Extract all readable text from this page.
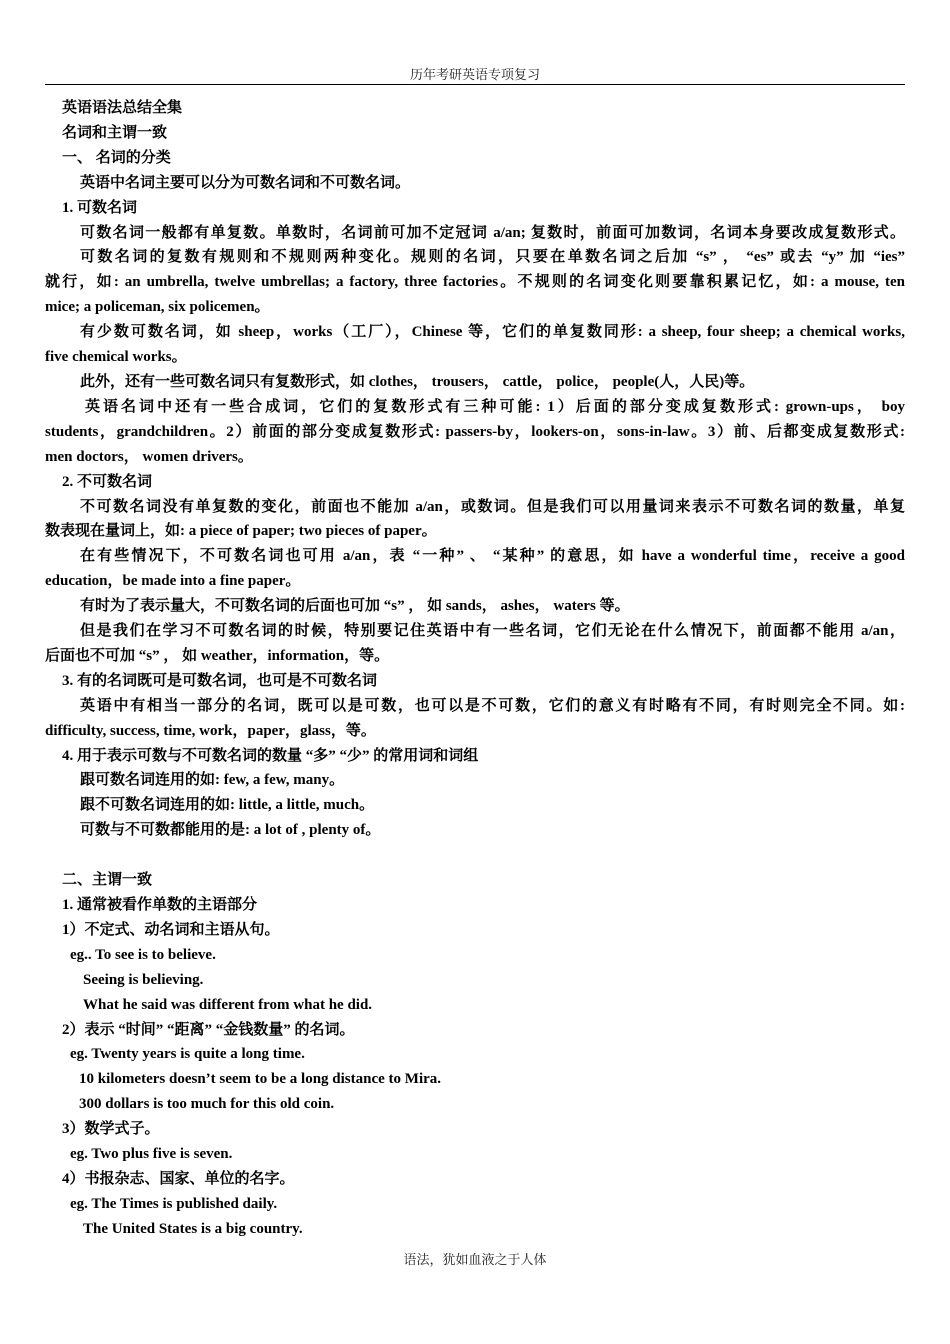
历年考研英语专项复习
英语语法总结全集
名词和主谓一致
一、 名词的分类
英语中名词主要可以分为可数名词和不可数名词。
1. 可数名词
可数名词一般都有单复数。单数时，名词前可加不定冠词 a/an; 复数时，前面可加数词，名词本身要改成复数形式。
可数名词的复数有规则和不规则两种变化。规则的名词，只要在单数名词之后加 “s” ， “es” 或去 “y” 加 “ies”
就行，如: an umbrella, twelve umbrellas; a factory, three factories。不规则的名词变化则要靠积累记忆，如: a mouse, ten
mice; a policeman, six policemen。
有少数可数名词，如 sheep，works（工厂），Chinese 等，它们的单复数同形: a sheep, four sheep; a chemical works,
five chemical works。
此外，还有一些可数名词只有复数形式，如 clothes， trousers， cattle， police， people(人，人民)等。
英语名词中还有一些合成词，它们的复数形式有三种可能: 1）后面的部分变成复数形式: grown-ups， boy
students，grandchildren。2）前面的部分变成复数形式: passers-by，lookers-on，sons-in-law。3）前、后都变成复数形式:
men doctors， women drivers。
2. 不可数名词
不可数名词没有单复数的变化，前面也不能加 a/an，或数词。但是我们可以用量词来表示不可数名词的数量，单复
数表现在量词上，如: a piece of paper; two pieces of paper。
在有些情况下，不可数名词也可用 a/an，表 “一种” 、 “某种” 的意思，如 have a wonderful time，receive a good
education，be made into a fine paper。
有时为了表示量大，不可数名词的后面也可加 “s” ， 如 sands， ashes， waters 等。
但是我们在学习不可数名词的时候，特别要记住英语中有一些名词，它们无论在什么情况下，前面都不能用 a/an，
后面也不可加 “s” ， 如 weather，information，等。
3. 有的名词既可是可数名词，也可是不可数名词
英语中有相当一部分的名词，既可以是可数，也可以是不可数，它们的意义有时略有不同，有时则完全不同。如:
difficulty, success, time, work，paper，glass，等。
4. 用于表示可数与不可数名词的数量 “多” “少” 的常用词和词组
跟可数名词连用的如: few, a few, many。
跟不可数名词连用的如: little, a little, much。
可数与不可数都能用的是: a lot of , plenty of。
二、主谓一致
1. 通常被看作单数的主语部分
1）不定式、动名词和主语从句。
eg.. To see is to believe.
Seeing is believing.
What he said was different from what he did.
2）表示 “时间” “距离” “金钱数量” 的名词。
eg. Twenty years is quite a long time.
10 kilometers doesn’t seem to be a long distance to Mira.
300 dollars is too much for this old coin.
3）数学式子。
eg. Two plus five is seven.
4）书报杂志、国家、单位的名字。
eg. The Times is published daily.
The United States is a big country.
语法，犹如血液之于人体
